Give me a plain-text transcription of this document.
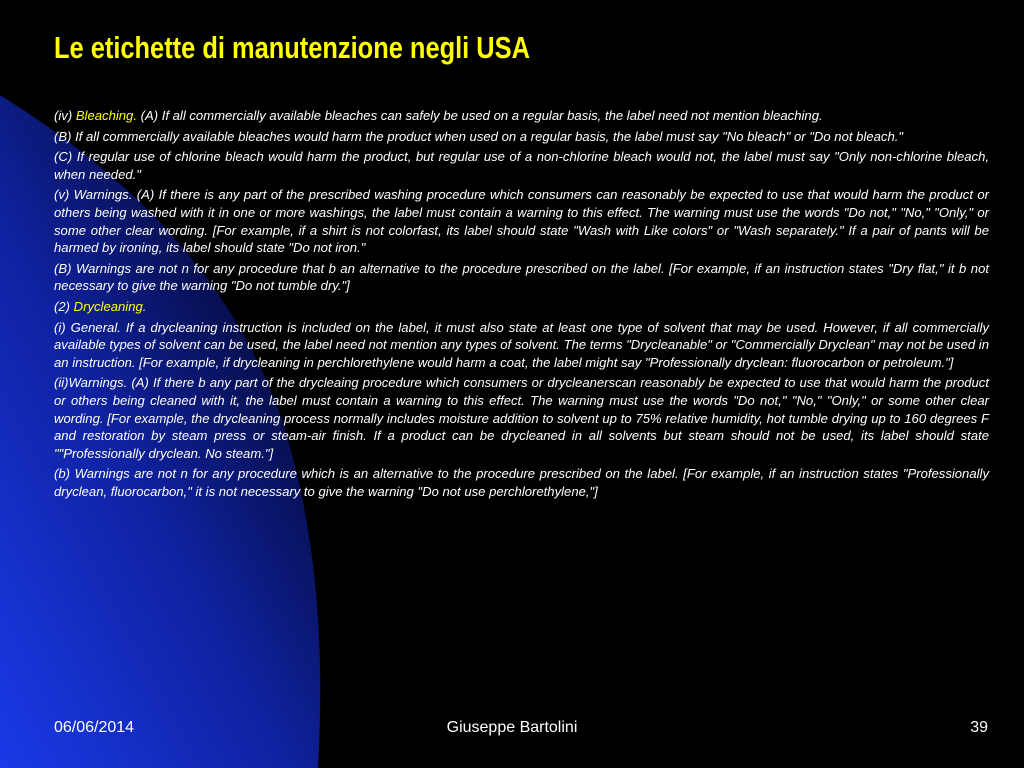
Le etichette di manutenzione negli USA

(iv) Bleaching. (A) If all commercially available bleaches can safely be used on a regular basis, the label need not mention bleaching.

(B) If all commercially available bleaches would harm the product when used on a regular basis, the label must say "No bleach" or "Do not bleach."

(C) If regular use of chlorine bleach would harm the product, but regular use of a non-chlorine bleach would not, the label must say "Only non-chlorine bleach, when needed."

(v) Warnings. (A) If there is any part of the prescribed washing procedure which consumers can reasonably be expected to use that would harm the product or others being washed with it in one or more washings, the label must contain a warning to this effect. The warning must use the words "Do not," "No," "Only," or some other clear wording. [For example, if a shirt is not colorfast, its label should state "Wash with Like colors" or "Wash separately." If a pair of pants will be harmed by ironing, its label should state "Do not iron."

(B) Warnings are not n for any procedure that b an alternative to the procedure prescribed on the label. [For example, if an instruction states "Dry flat," it b not necessary to give the warning "Do not tumble dry."]

(2) Drycleaning.

(i) General. If a drycleaning instruction is included on the label, it must also state at least one type of solvent that may be used. However, if all commercially available types of solvent can be used, the label need not mention any types of solvent. The terms "Drycleanable" or "Commercially Dryclean" may not be used in an instruction. [For example, if drycleaning in perchlorethylene would harm a coat, the label might say "Professionally dryclean: fluorocarbon or petroleum."]

(ii)Warnings. (A) If there b any part of the drycleaing procedure which consumers or drycleanerscan reasonably be expected to use that would harm the product or others being cleaned with it, the label must contain a warning to this effect. The warning must use the words "Do not," "No," "Only," or some other clear wording. [For example, the drycleaning process normally includes moisture addition to solvent up to 75% relative humidity, hot tumble drying up to 160 degrees F and restoration by steam press or steam-air finish. If a product can be drycleaned in all solvents but steam should not be used, its label should state ""Professionally dryclean. No steam."]

(b) Warnings are not n for any procedure which is an alternative to the procedure prescribed on the label. [For example, if an instruction states "Professionally dryclean, fluorocarbon," it is not necessary to give the warning "Do not use perchlorethylene,"]

06/06/2014	Giuseppe Bartolini	39
